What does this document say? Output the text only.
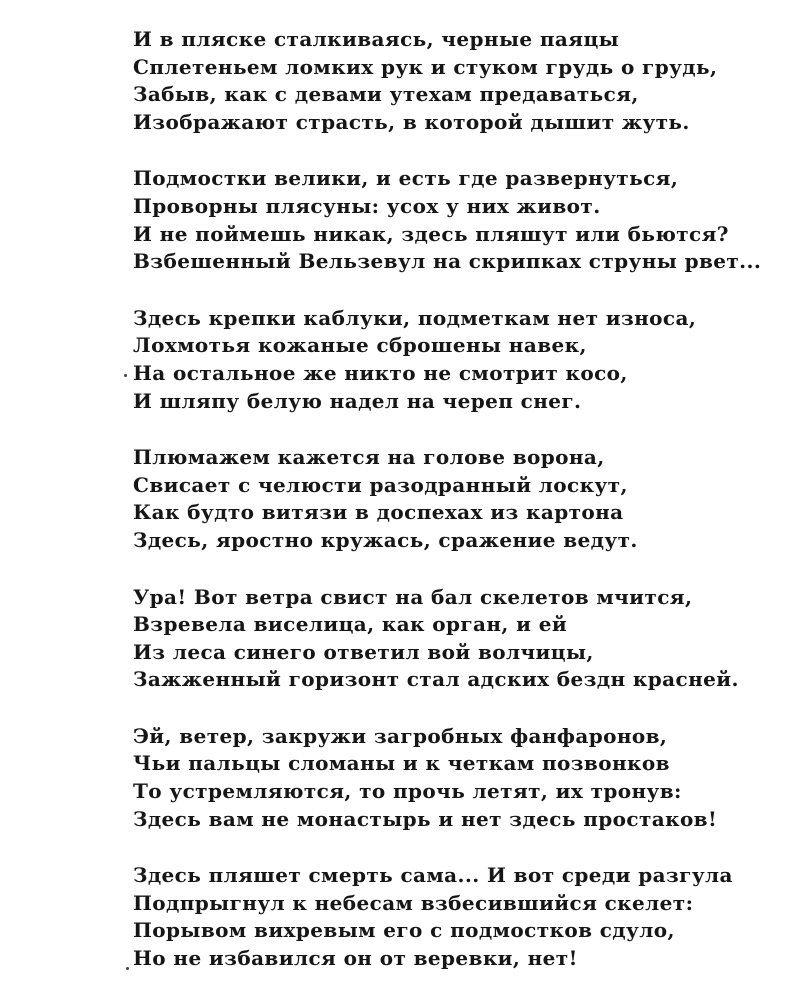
И в пляске сталкиваясь, черные паяцы
Сплетеньем ломких рук и стуком грудь о грудь,
Забыв, как с девами утехам предаваться,
Изображают страсть, в которой дышит жуть.
Подмостки велики, и есть где развернуться,
Проворны плясуны: усох у них живот.
И не поймешь никак, здесь пляшут или бьются?
Взбешенный Вельзевул на скрипках струны рвет...
Здесь крепки каблуки, подметкам нет износа,
Лохмотья кожаные сброшены навек,
На остальное же никто не смотрит косо,
И шляпу белую надел на череп снег.
Плюмажем кажется на голове ворона,
Свисает с челюсти разодранный лоскут,
Как будто витязи в доспехах из картона
Здесь, яростно кружась, сражение ведут.
Ура! Вот ветра свист на бал скелетов мчится,
Взревела виселица, как орган, и ей
Из леса синего ответил вой волчицы,
Зажженный горизонт стал адских бездн красней.
Эй, ветер, закружи загробных фанфаронов,
Чьи пальцы сломаны и к четкам позвонков
То устремляются, то прочь летят, их тронув:
Здесь вам не монастырь и нет здесь простаков!
Здесь пляшет смерть сама... И вот среди разгула
Подпрыгнул к небесам взбесившийся скелет:
Порывом вихревым его с подмостков сдуло,
Но не избавился он от веревки, нет!
